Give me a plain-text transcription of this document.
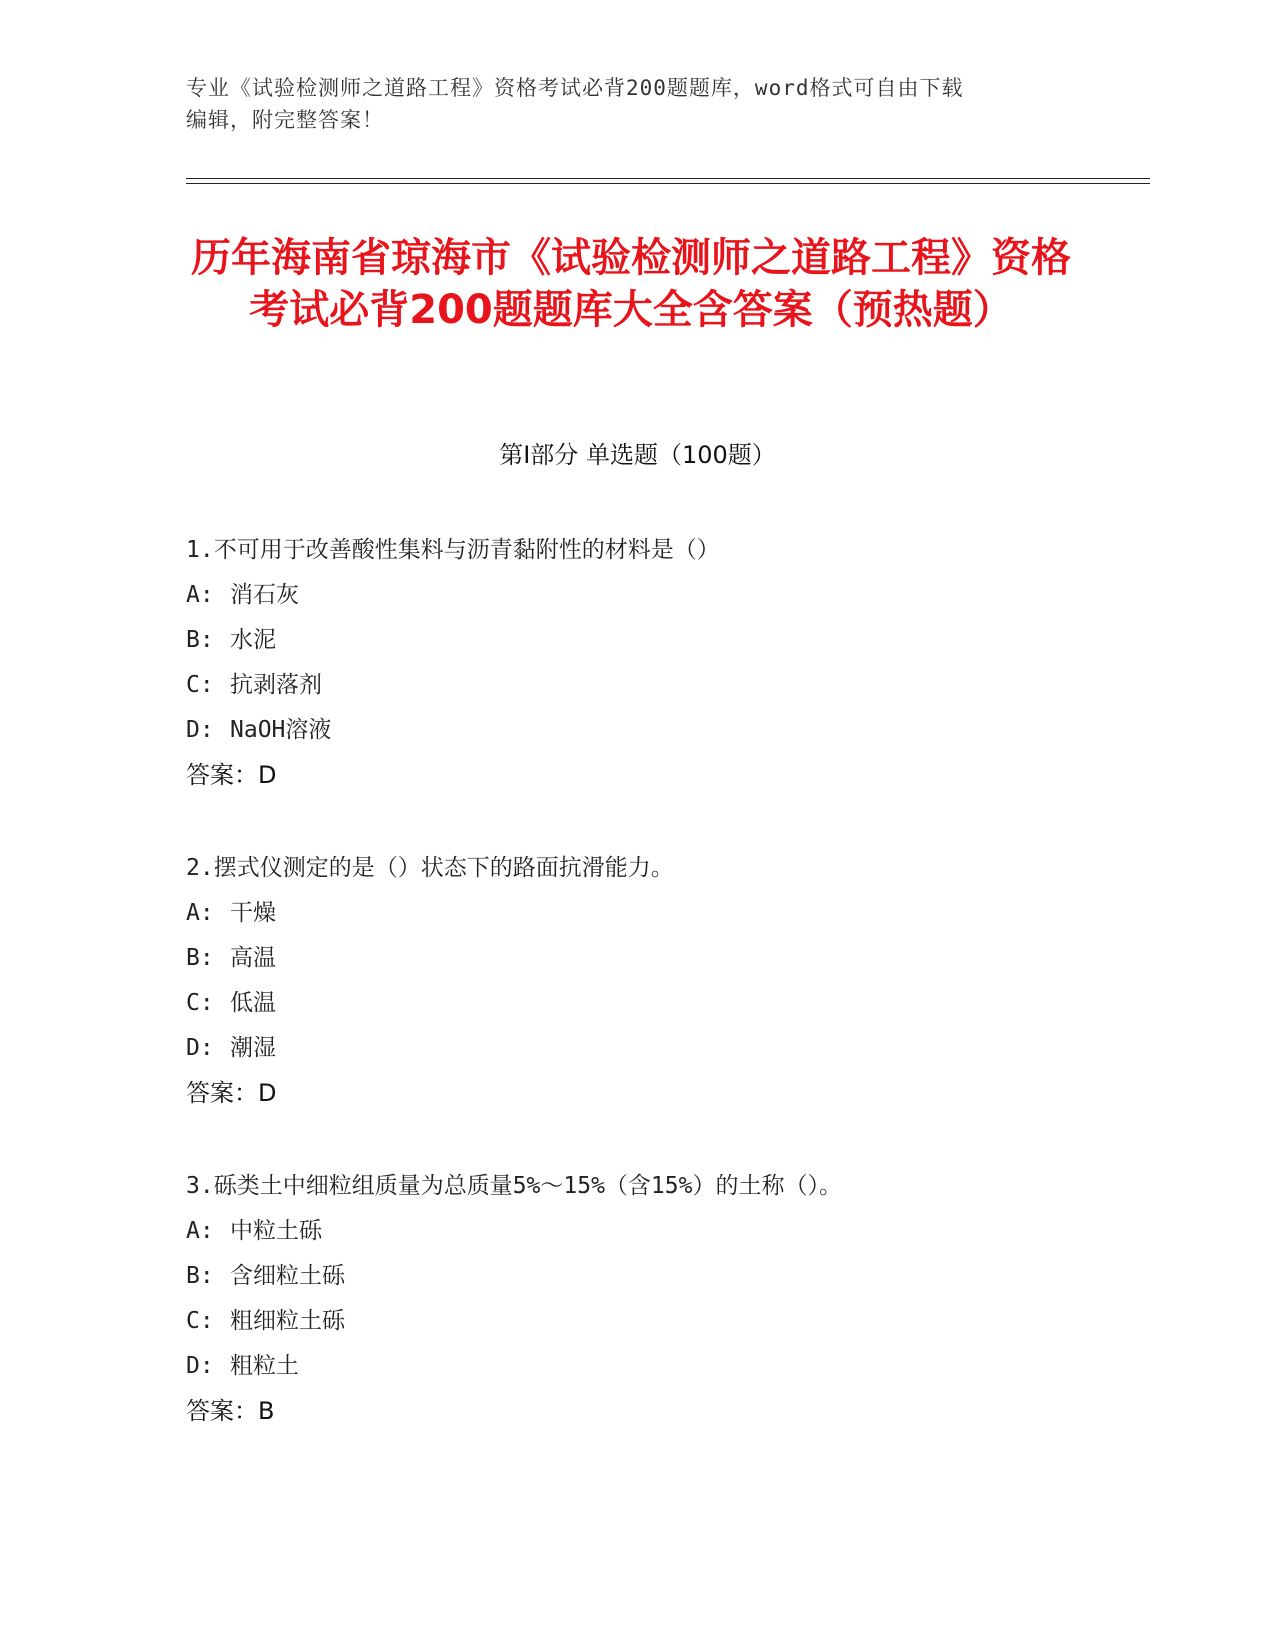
专业《试验检测师之道路工程》资格考试必背200题题库，word格式可自由下载
编辑，附完整答案！
历年海南省琼海市《试验检测师之道路工程》资格考试必背200题题库大全含答案（预热题）
第Ⅰ部分 单选题（100题）
1.不可用于改善酸性集料与沥青黏附性的材料是（）
A: 消石灰
B: 水泥
C: 抗剥落剂
D: NaOH溶液
答案：D
2.摆式仪测定的是（）状态下的路面抗滑能力。
A: 干燥
B: 高温
C: 低温
D: 潮湿
答案：D
3.砾类土中细粒组质量为总质量5%～15%（含15%）的土称（）。
A: 中粒土砾
B: 含细粒土砾
C: 粗细粒土砾
D: 粗粒土
答案：B
